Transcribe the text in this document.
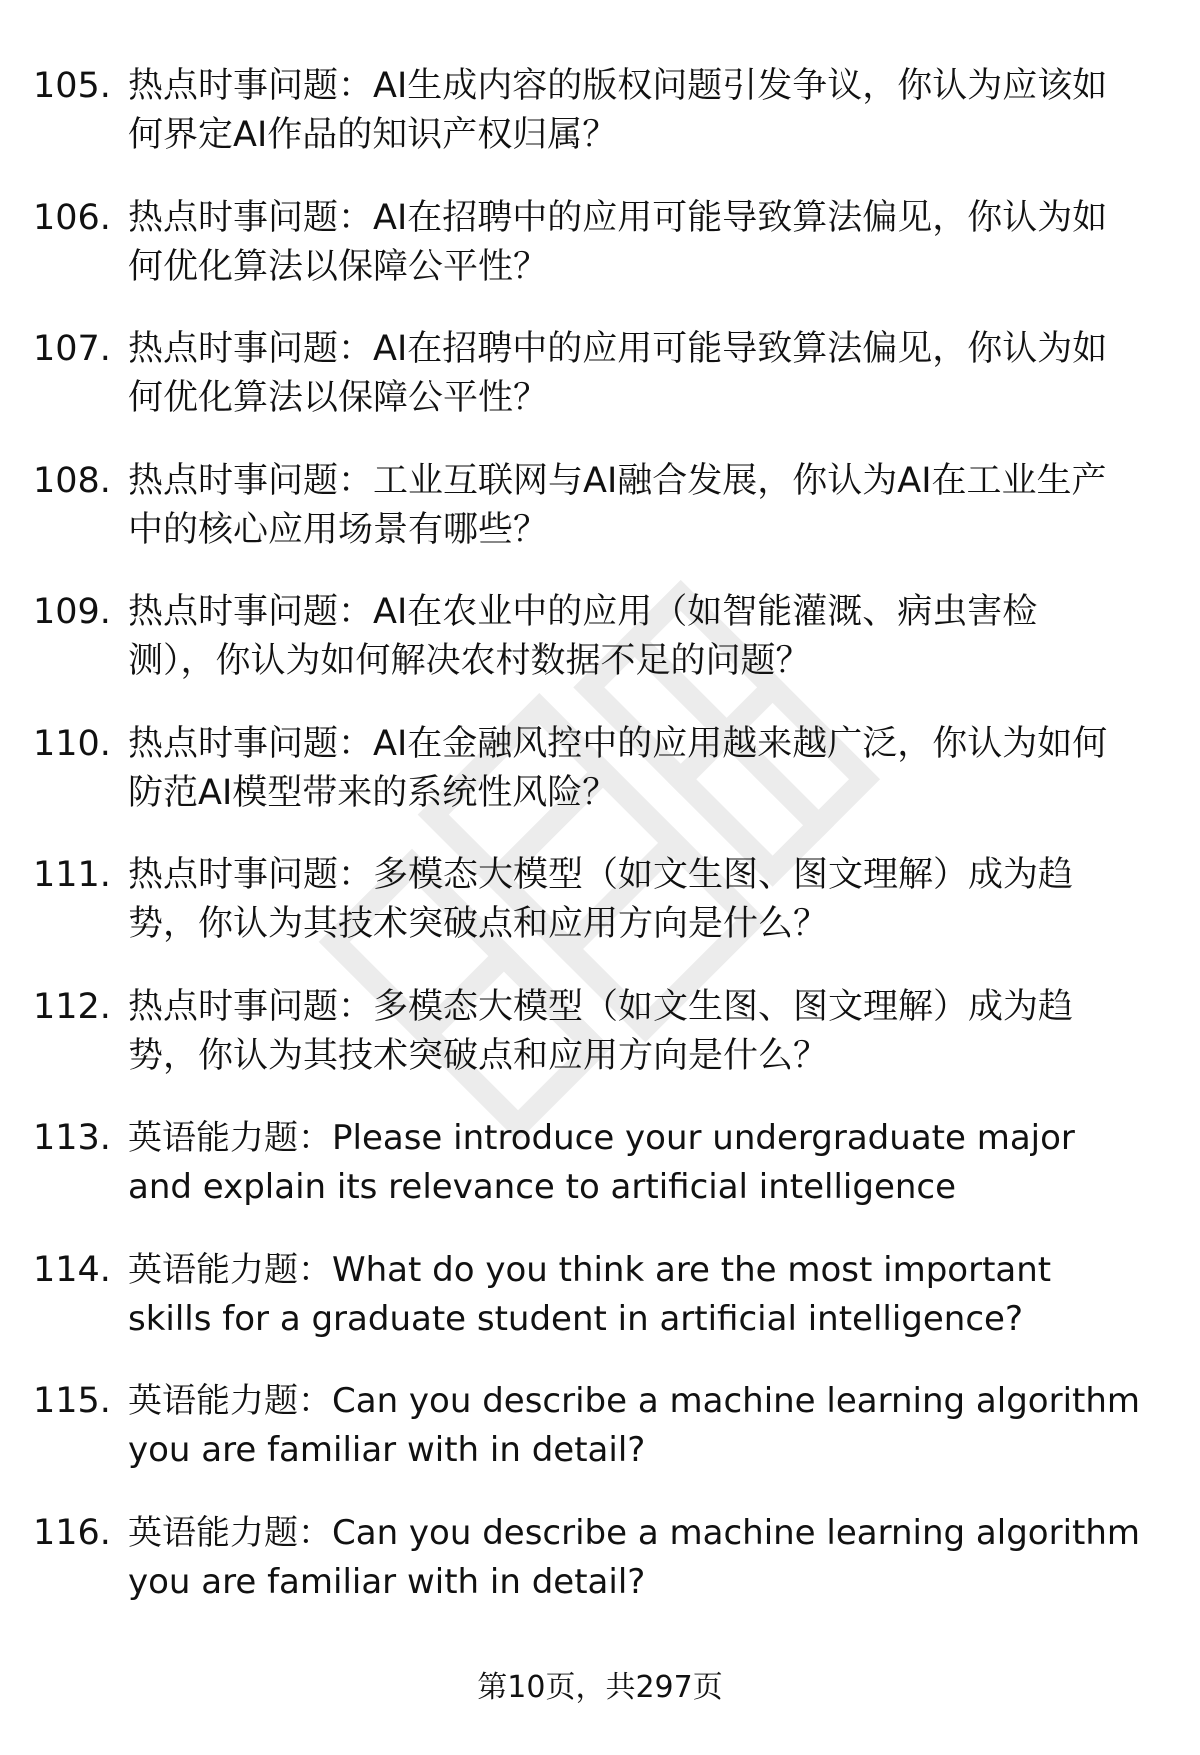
105. 热点时事问题：AI生成内容的版权问题引发争议，你认为应该如
何界定AI作品的知识产权归属？
106. 热点时事问题：AI在招聘中的应用可能导致算法偏见，你认为如
何优化算法以保障公平性？
107. 热点时事问题：AI在招聘中的应用可能导致算法偏见，你认为如
何优化算法以保障公平性？
108. 热点时事问题：工业互联网与AI融合发展，你认为AI在工业生产
中的核心应用场景有哪些？
109. 热点时事问题：AI在农业中的应用（如智能灌溉、病虫害检
测），你认为如何解决农村数据不足的问题？
110. 热点时事问题：AI在金融风控中的应用越来越广泛，你认为如何
防范AI模型带来的系统性风险？
111. 热点时事问题：多模态大模型（如文生图、图文理解）成为趋
势，你认为其技术突破点和应用方向是什么？
112. 热点时事问题：多模态大模型（如文生图、图文理解）成为趋
势，你认为其技术突破点和应用方向是什么？
113. 英语能力题：Please introduce your undergraduate major
and explain its relevance to artificial intelligence
114. 英语能力题：What do you think are the most important
skills for a graduate student in artificial intelligence?
115. 英语能力题：Can you describe a machine learning algorithm
you are familiar with in detail?
116. 英语能力题：Can you describe a machine learning algorithm
you are familiar with in detail?
第10页，共297页
